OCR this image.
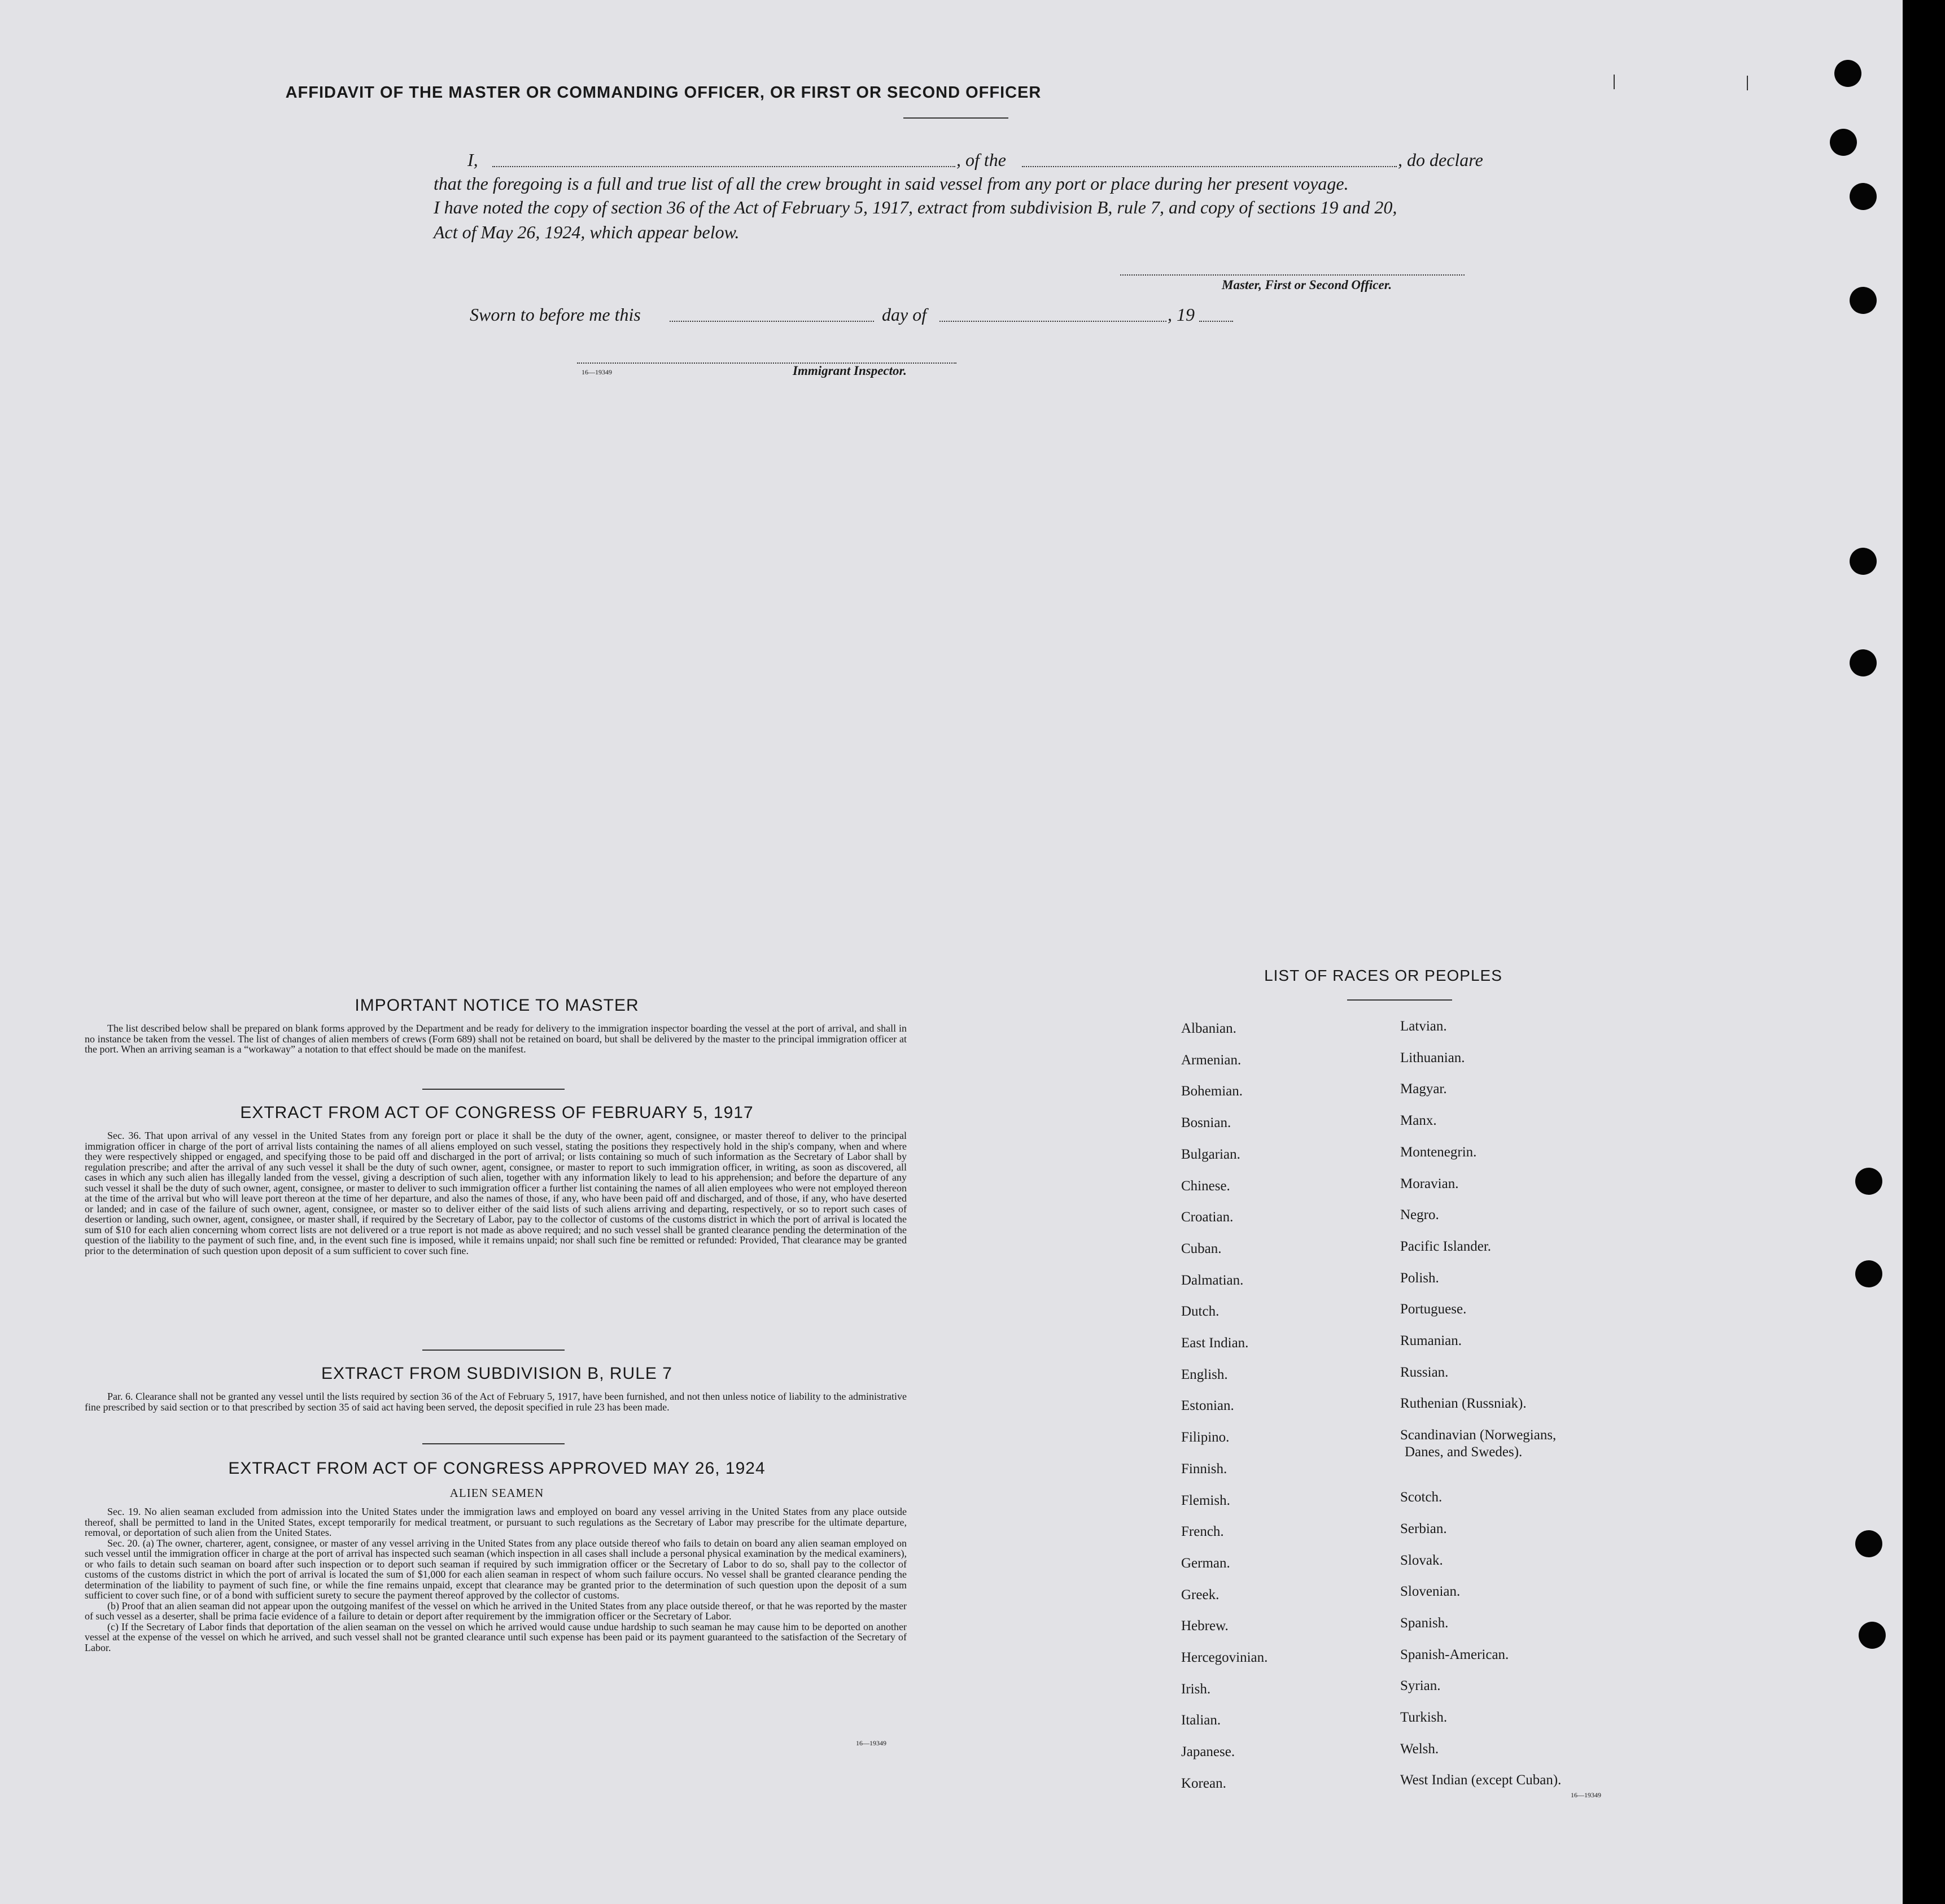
AFFIDAVIT OF THE MASTER OR COMMANDING OFFICER, OR FIRST OR SECOND OFFICER
I,	, of the	, do declare
that the foregoing is a full and true list of all the crew brought in said vessel from any port or place during her present voyage.
I have noted the copy of section 36 of the Act of February 5, 1917, extract from subdivision B, rule 7, and copy of sections 19 and 20,
Act of May 26, 1924, which appear below.
Master, First or Second Officer.
Sworn to before me this	day of	, 19
16—19349	Immigrant Inspector.
IMPORTANT NOTICE TO MASTER
The list described below shall be prepared on blank forms approved by the Department and be ready for delivery to the immigration inspector boarding the vessel at the port of arrival, and shall in no instance be taken from the vessel. The list of changes of alien members of crews (Form 689) shall not be retained on board, but shall be delivered by the master to the principal immigration officer at the port. When an arriving seaman is a “workaway” a notation to that effect should be made on the manifest.
EXTRACT FROM ACT OF CONGRESS OF FEBRUARY 5, 1917
Sec. 36. That upon arrival of any vessel in the United States from any foreign port or place it shall be the duty of the owner, agent, consignee, or master thereof to deliver to the principal immigration officer in charge of the port of arrival lists containing the names of all aliens employed on such vessel, stating the positions they respectively hold in the ship's company, when and where they were respectively shipped or engaged, and specifying those to be paid off and discharged in the port of arrival; or lists containing so much of such information as the Secretary of Labor shall by regulation prescribe; and after the arrival of any such vessel it shall be the duty of such owner, agent, consignee, or master to report to such immigration officer, in writing, as soon as discovered, all cases in which any such alien has illegally landed from the vessel, giving a description of such alien, together with any information likely to lead to his apprehension; and before the departure of any such vessel it shall be the duty of such owner, agent, consignee, or master to deliver to such immigration officer a further list containing the names of all alien employees who were not employed thereon at the time of the arrival but who will leave port thereon at the time of her departure, and also the names of those, if any, who have been paid off and discharged, and of those, if any, who have deserted or landed; and in case of the failure of such owner, agent, consignee, or master so to deliver either of the said lists of such aliens arriving and departing, respectively, or so to report such cases of desertion or landing, such owner, agent, consignee, or master shall, if required by the Secretary of Labor, pay to the collector of customs of the customs district in which the port of arrival is located the sum of $10 for each alien concerning whom correct lists are not delivered or a true report is not made as above required; and no such vessel shall be granted clearance pending the determination of the question of the liability to the payment of such fine, and, in the event such fine is imposed, while it remains unpaid; nor shall such fine be remitted or refunded: Provided, That clearance may be granted prior to the determination of such question upon deposit of a sum sufficient to cover such fine.
EXTRACT FROM SUBDIVISION B, RULE 7
Par. 6. Clearance shall not be granted any vessel until the lists required by section 36 of the Act of February 5, 1917, have been furnished, and not then unless notice of liability to the administrative fine prescribed by said section or to that prescribed by section 35 of said act having been served, the deposit specified in rule 23 has been made.
EXTRACT FROM ACT OF CONGRESS APPROVED MAY 26, 1924
ALIEN SEAMEN

Sec. 19. No alien seaman excluded from admission into the United States under the immigration laws and employed on board any vessel arriving in the United States from any place outside thereof, shall be permitted to land in the United States, except temporarily for medical treatment, or pursuant to such regulations as the Secretary of Labor may prescribe for the ultimate departure, removal, or deportation of such alien from the United States.

Sec. 20. (a) The owner, charterer, agent, consignee, or master of any vessel arriving in the United States from any place outside thereof who fails to detain on board any alien seaman employed on such vessel until the immigration officer in charge at the port of arrival has inspected such seaman (which inspection in all cases shall include a personal physical examination by the medical examiners), or who fails to detain such seaman on board after such inspection or to deport such seaman if required by such immigration officer or the Secretary of Labor to do so, shall pay to the collector of customs of the customs district in which the port of arrival is located the sum of $1,000 for each alien seaman in respect of whom such failure occurs. No vessel shall be granted clearance pending the determination of the liability to payment of such fine, or while the fine remains unpaid, except that clearance may be granted prior to the determination of such question upon the deposit of a sum sufficient to cover such fine, or of a bond with sufficient surety to secure the payment thereof approved by the collector of customs.

(b) Proof that an alien seaman did not appear upon the outgoing manifest of the vessel on which he arrived in the United States from any place outside thereof, or that he was reported by the master of such vessel as a deserter, shall be prima facie evidence of a failure to detain or deport after requirement by the immigration officer or the Secretary of Labor.

(c) If the Secretary of Labor finds that deportation of the alien seaman on the vessel on which he arrived would cause undue hardship to such seaman he may cause him to be deported on another vessel at the expense of the vessel on which he arrived, and such vessel shall not be granted clearance until such expense has been paid or its payment guaranteed to the satisfaction of the Secretary of Labor.

16—19349
LIST OF RACES OR PEOPLES
16—19349
Albanian.
Armenian.
Bohemian.
Bosnian.
Bulgarian.
Chinese.
Croatian.
Cuban.
Dalmatian.
Dutch.
East Indian.
English.
Estonian.
Filipino.
Finnish.
Flemish.
French.
German.
Greek.
Hebrew.
Hercegovinian.
Irish.
Italian.
Japanese.
Korean.
Latvian.
Lithuanian.
Magyar.
Manx.
Montenegrin.
Moravian.
Negro.
Pacific Islander.
Polish.
Portuguese.
Rumanian.
Russian.
Ruthenian (Russniak).
Scandinavian (Norwegians,
Danes, and Swedes).
Scotch.
Serbian.
Slovak.
Slovenian.
Spanish.
Spanish-American.
Syrian.
Turkish.
Welsh.
West Indian (except Cuban).
